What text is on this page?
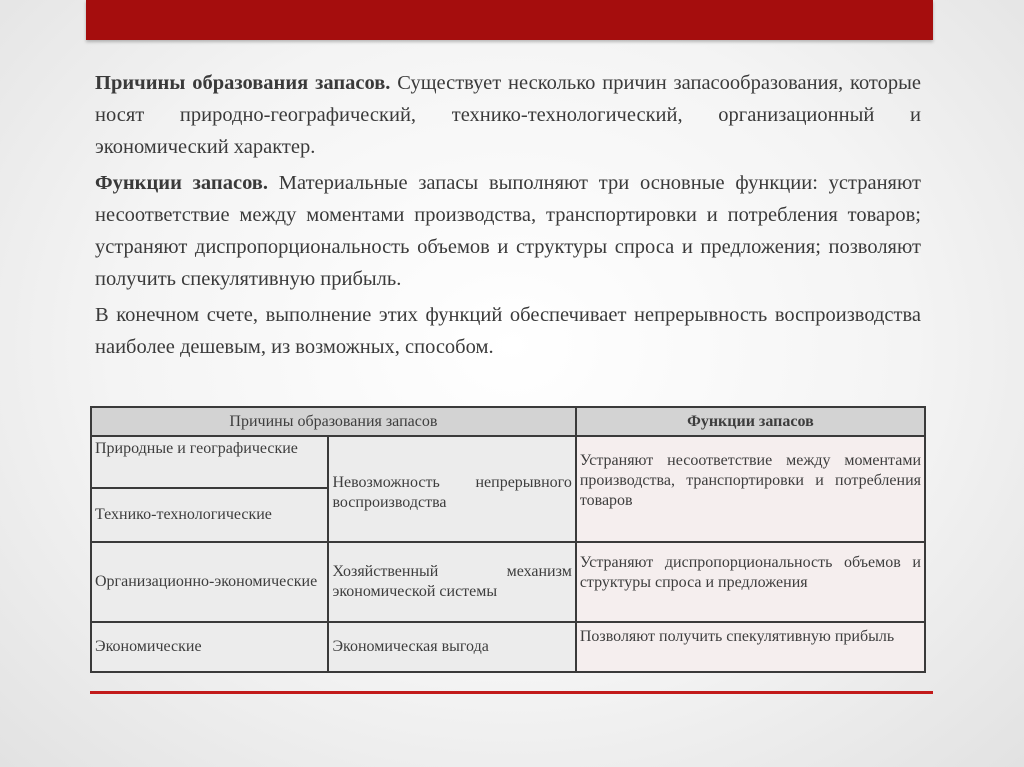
Причины образования запасов. Существует несколько причин запасообразования, которые носят природно-географический, технико-технологический, организационный и экономический характер.

Функции запасов. Материальные запасы выполняют три основные функции: устраняют несоответствие между моментами производства, транспортировки и потребления товаров; устраняют диспропорциональность объемов и структуры спроса и предложения; позволяют получить спекулятивную прибыль.

В конечном счете, выполнение этих функций обеспечивает непрерывность воспроизводства наиболее дешевым, из возможных, способом.

Причины образования запасов		Функции запасов
Природные и географические	Невозможность непрерывного воспроизводства	Устраняют несоответствие между моментами производства, транспортировки и потребления товаров
Технико-технологические		
Организационно-экономические	Хозяйственный механизм экономической системы	Устраняют диспропорциональность объемов и структуры спроса и предложения
Экономические	Экономическая выгода	Позволяют получить спекулятивную прибыль
